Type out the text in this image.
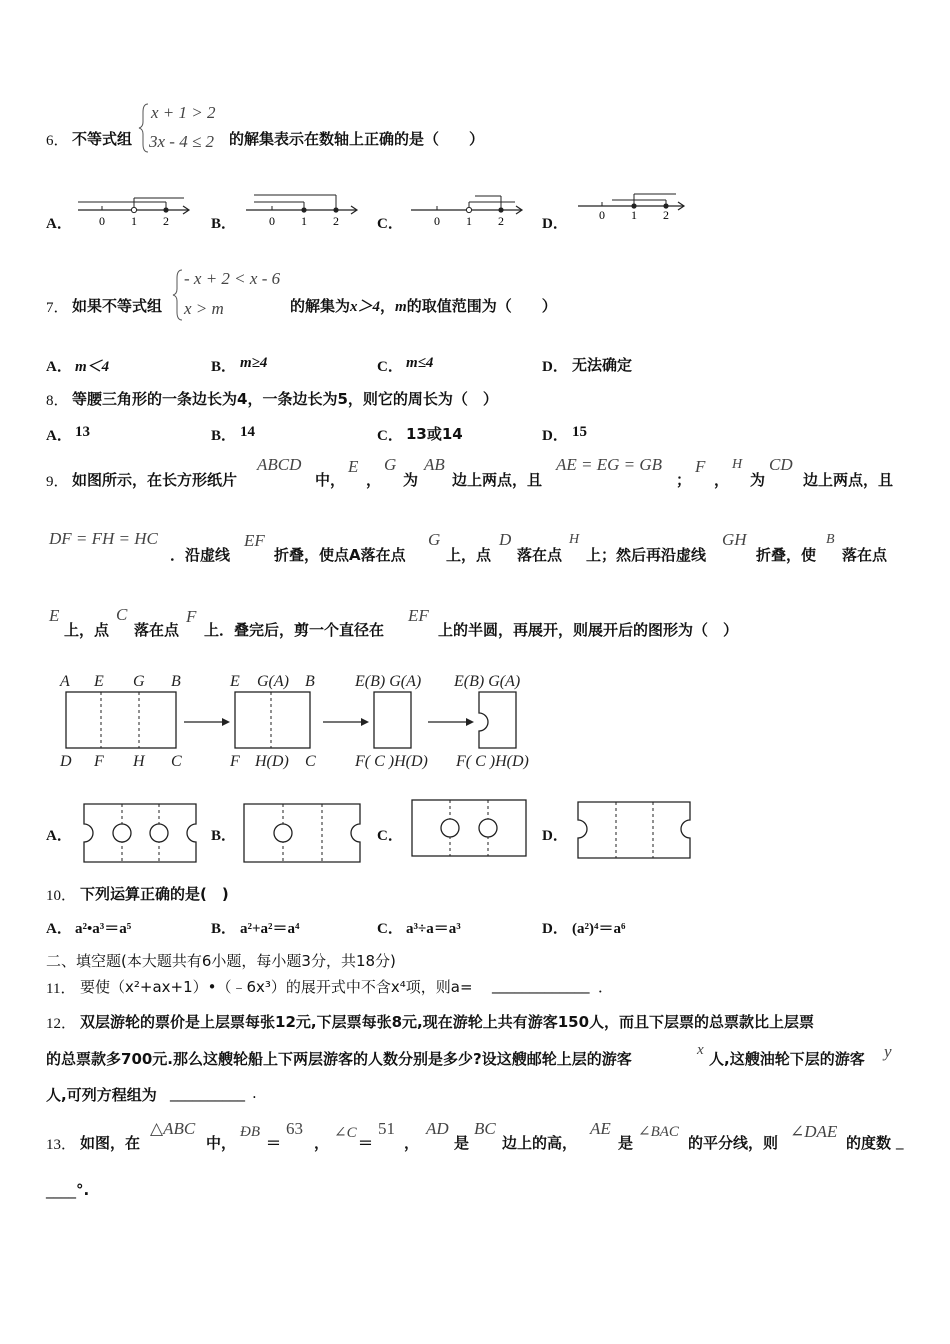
6． 不等式组
x + 1 > 2
3x - 4 ≤ 2 的解集表示在数轴上正确的是（　　）
A． 0 1 2	B．	0 1 2	C．	0 1 2	D．
0 1 2
7． 如果不等式组
- x + 2 < x - 6
x > m	的解集为x＞4，m的取值范围为（　　）
A． m＜4	B． m≥4	C． m≤4	D． 无法确定
8． 等腰三角形的一条边长为4，一条边长为5，则它的周长为（　）
A． 13	B． 14	C． 13或14	D． 15
9． 如图所示，在长方形纸片
ABCD
中，
E
，
G
为
AB
边上两点，且
AE = EG = GB
；
F
，
H
为
CD
边上两点，且
DF = FH = HC
．沿虚线
EF
折叠，使点A落在点
G
上，点
D
落在点
H
上；然后再沿虚线
GH
折叠，使
B
落在点
E
上，点
C
落在点
F
上．叠完后，剪一个直径在
EF
上的半圆，再展开，则展开后的图形为（　）
A E G B
D F H C
E G(A) B
F H(D) C
E(B) G(A)
F( C )H(D)
E(B) G(A)
F( C )H(D)
A．	B．	C．	D．
10． 下列运算正确的是(　)
A． a²•a³＝a⁵	B． a²+a²＝a⁴	C． a³÷a＝a³	D． (a²)⁴＝a⁶
二、填空题(本大题共有6小题，每小题3分，共18分)
11． 要使（x²+ax+1）•（﹣6x³）的展开式中不含x⁴项，则a= _____________ ．
12． 双层游轮的票价是上层票每张12元,下层票每张8元,现在游轮上共有游客150人，而且下层票的总票款比上层票
的总票款多700元.那么这艘轮船上下两层游客的人数分别是多少?设这艘邮轮上层的游客	x 人,这艘油轮下层的游客 y
人,可列方程组为 __________ .
13． 如图，在
△ABC
中，
ÐB
＝
63
，
∠C
＝
51
，
AD
是
BC
边上的高，
AE
是
∠BAC
的平分线，则
∠DAE
的度数 _
____ °.
